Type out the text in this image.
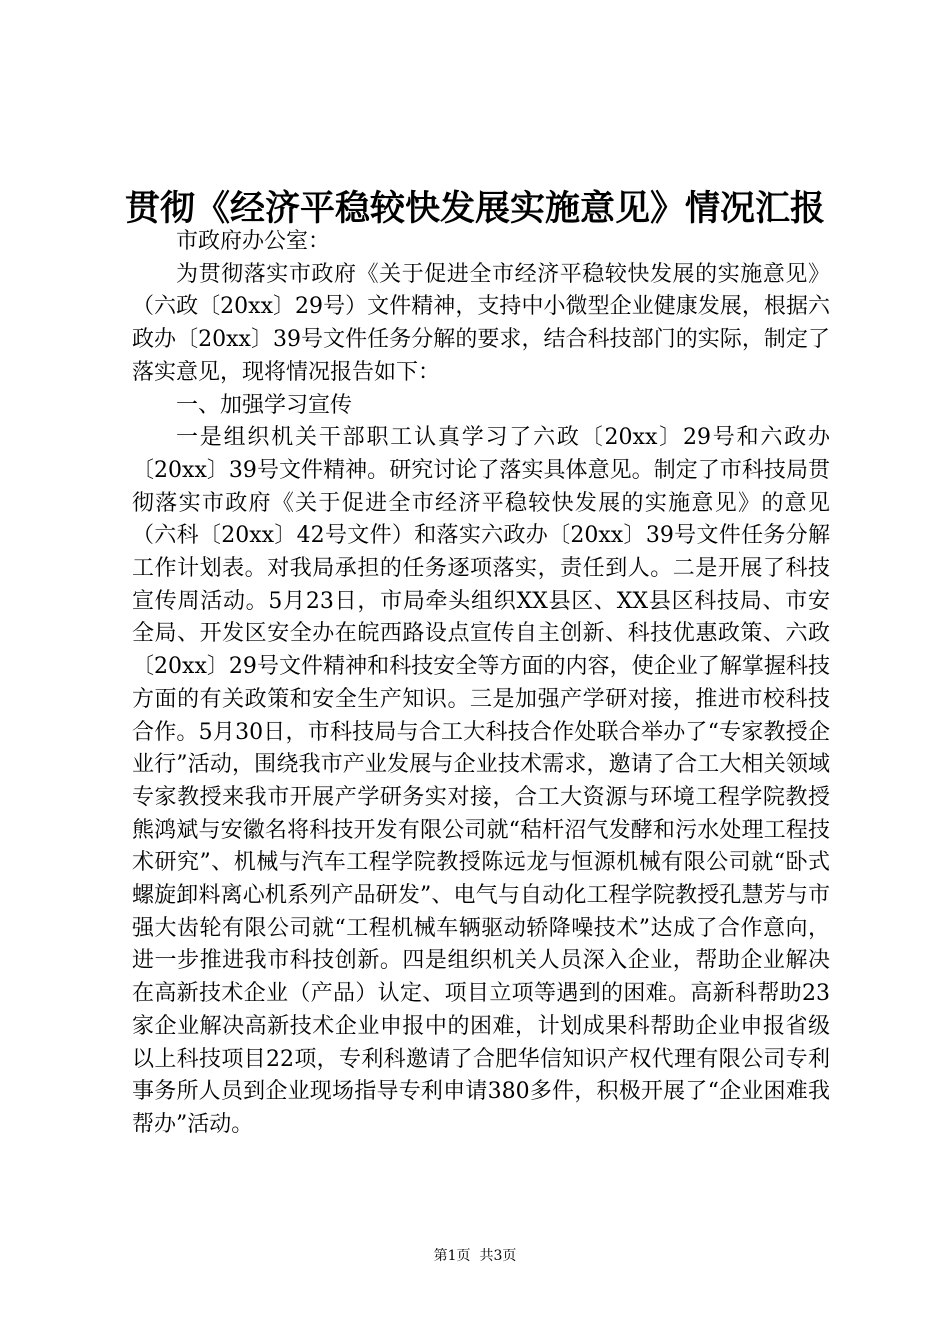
贯彻《经济平稳较快发展实施意见》情况汇报

市政府办公室：

为贯彻落实市政府《关于促进全市经济平稳较快发展的实施意见》（六政〔20xx〕29号）文件精神，支持中小微型企业健康发展，根据六政办〔20xx〕39号文件任务分解的要求，结合科技部门的实际，制定了落实意见，现将情况报告如下：

一、加强学习宣传

一是组织机关干部职工认真学习了六政〔20xx〕29号和六政办〔20xx〕39号文件精神。研究讨论了落实具体意见。制定了市科技局贯彻落实市政府《关于促进全市经济平稳较快发展的实施意见》的意见（六科〔20xx〕42号文件）和落实六政办〔20xx〕39号文件任务分解工作计划表。对我局承担的任务逐项落实，责任到人。二是开展了科技宣传周活动。5月23日，市局牵头组织XX县区、XX县区科技局、市安全局、开发区安全办在皖西路设点宣传自主创新、科技优惠政策、六政〔20xx〕29号文件精神和科技安全等方面的内容，使企业了解掌握科技方面的有关政策和安全生产知识。三是加强产学研对接，推进市校科技合作。5月30日，市科技局与合工大科技合作处联合举办了“专家教授企业行”活动，围绕我市产业发展与企业技术需求，邀请了合工大相关领域专家教授来我市开展产学研务实对接，合工大资源与环境工程学院教授熊鸿斌与安徽名将科技开发有限公司就“秸杆沼气发酵和污水处理工程技术研究”、机械与汽车工程学院教授陈远龙与恒源机械有限公司就“卧式螺旋卸料离心机系列产品研发”、电气与自动化工程学院教授孔慧芳与市强大齿轮有限公司就“工程机械车辆驱动轿降噪技术”达成了合作意向，进一步推进我市科技创新。四是组织机关人员深入企业，帮助企业解决在高新技术企业（产品）认定、项目立项等遇到的困难。高新科帮助23家企业解决高新技术企业申报中的困难，计划成果科帮助企业申报省级以上科技项目22项，专利科邀请了合肥华信知识产权代理有限公司专利事务所人员到企业现场指导专利申请380多件，积极开展了“企业困难我帮办”活动。

第1页 共3页
